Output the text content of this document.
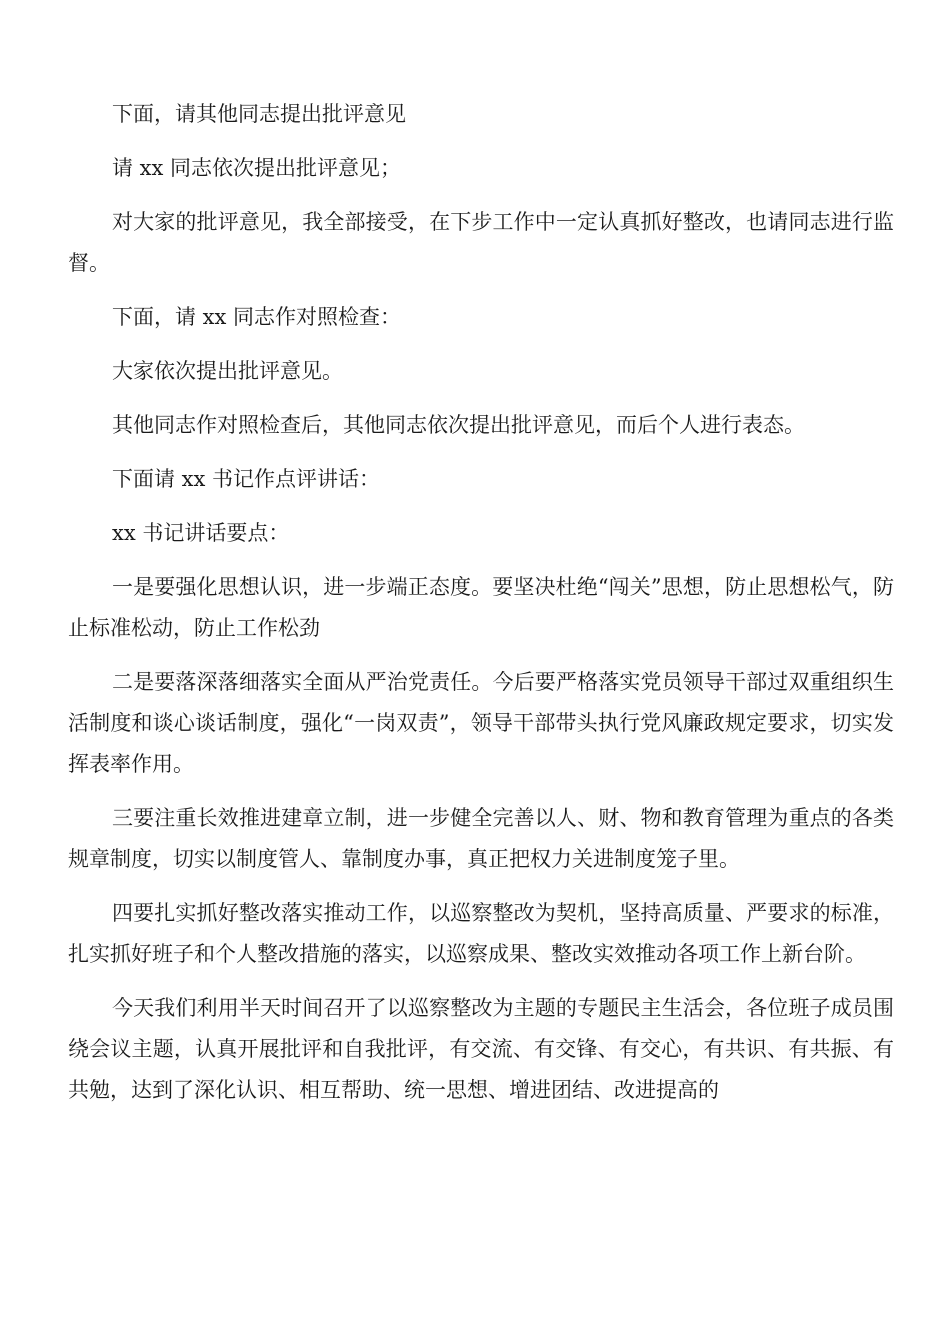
下面，请其他同志提出批评意见

请 xx 同志依次提出批评意见；

对大家的批评意见，我全部接受，在下步工作中一定认真抓好整改，也请同志进行监督。

下面，请 xx 同志作对照检查：

大家依次提出批评意见。

其他同志作对照检查后，其他同志依次提出批评意见，而后个人进行表态。

下面请 xx 书记作点评讲话：

xx 书记讲话要点：

一是要强化思想认识，进一步端正态度。要坚决杜绝“闯关”思想，防止思想松气，防止标准松动，防止工作松劲

二是要落深落细落实全面从严治党责任。今后要严格落实党员领导干部过双重组织生活制度和谈心谈话制度，强化“一岗双责”，领导干部带头执行党风廉政规定要求，切实发挥表率作用。

三要注重长效推进建章立制，进一步健全完善以人、财、物和教育管理为重点的各类规章制度，切实以制度管人、靠制度办事，真正把权力关进制度笼子里。

四要扎实抓好整改落实推动工作，以巡察整改为契机，坚持高质量、严要求的标准，扎实抓好班子和个人整改措施的落实，以巡察成果、整改实效推动各项工作上新台阶。

今天我们利用半天时间召开了以巡察整改为主题的专题民主生活会，各位班子成员围绕会议主题，认真开展批评和自我批评，有交流、有交锋、有交心，有共识、有共振、有共勉，达到了深化认识、相互帮助、统一思想、增进团结、改进提高的
